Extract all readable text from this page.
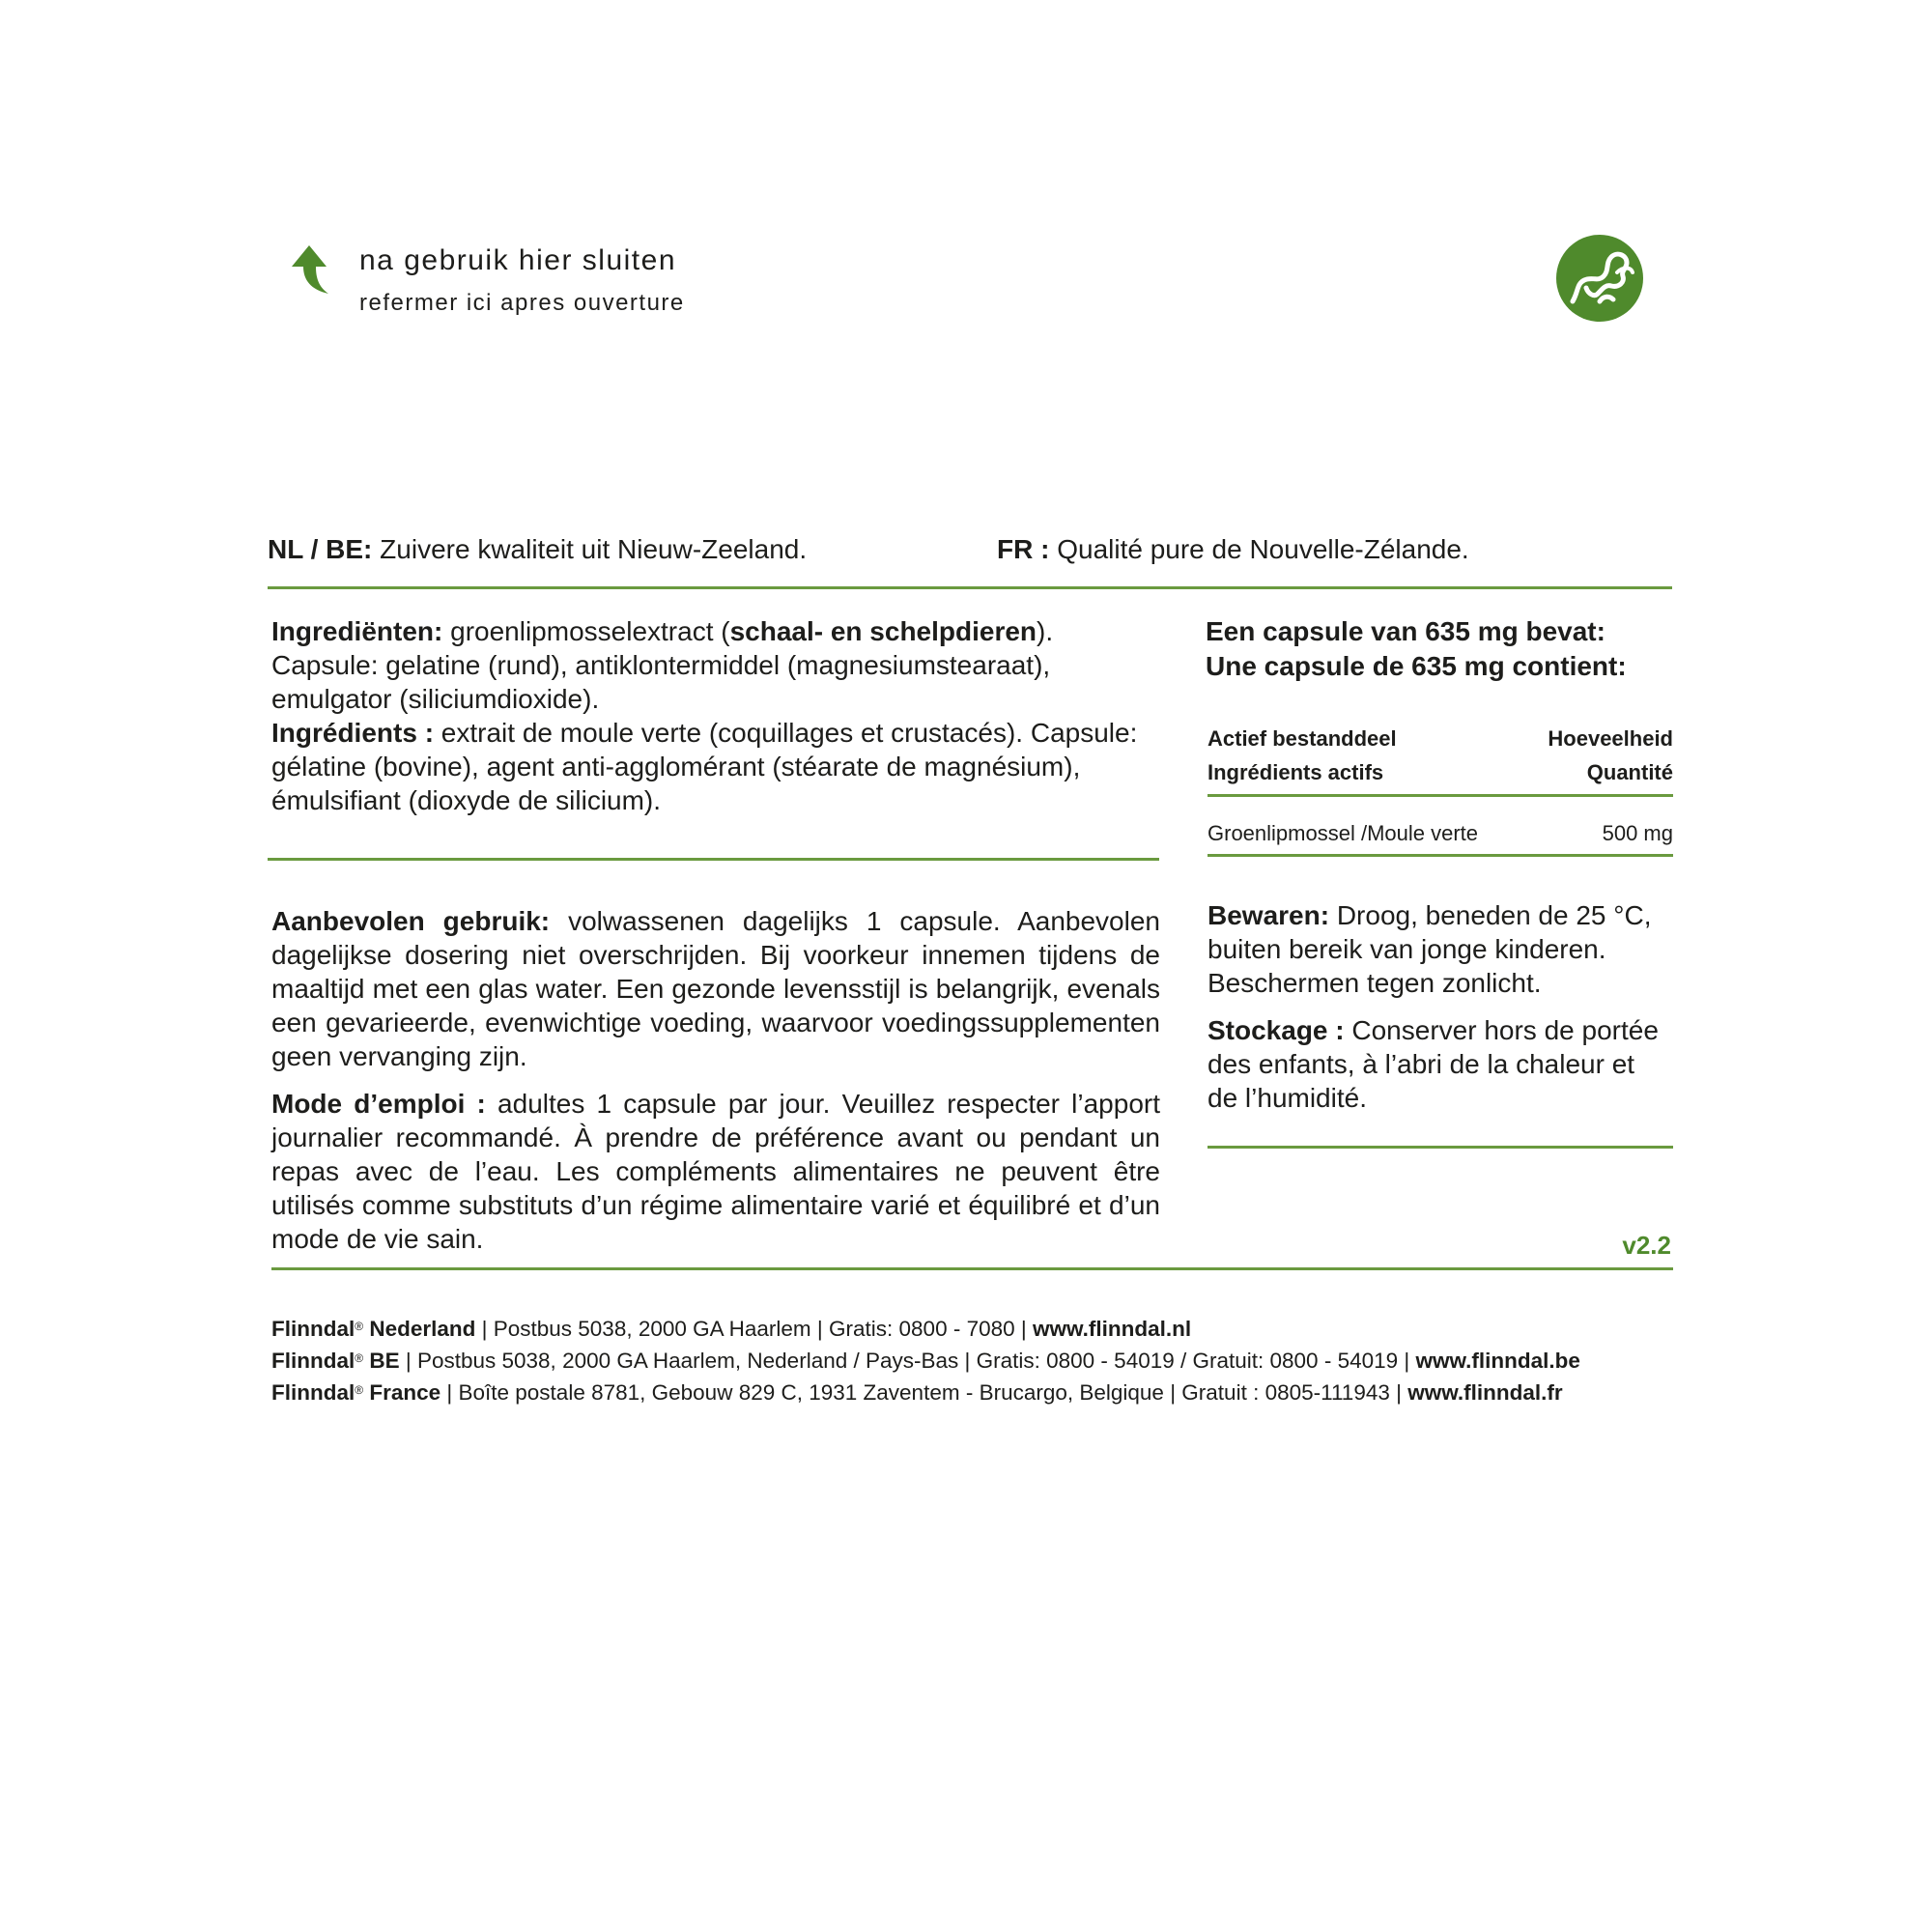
na gebruik hier sluiten
refermer ici apres ouverture
NL / BE: Zuivere kwaliteit uit Nieuw-Zeeland.	FR : Qualité pure de Nouvelle-Zélande.

Ingrediënten: groenlipmosselextract (schaal- en schelpdieren). Capsule: gelatine (rund), antiklontermiddel (magnesiumstearaat), emulgator (siliciumdioxide).

Ingrédients : extrait de moule verte (coquillages et crustacés). Capsule: gélatine (bovine), agent anti-agglomérant (stéarate de magnésium), émulsifiant (dioxyde de silicium).

Een capsule van 635 mg bevat:
Une capsule de 635 mg contient:
Actief bestanddeel	Hoeveelheid
Ingrédients actifs	Quantité
Groenlipmossel /Moule verte	500 mg

Aanbevolen gebruik: volwassenen dagelijks 1 capsule. Aanbevolen dagelijkse dosering niet overschrijden. Bij voorkeur innemen tijdens de maaltijd met een glas water. Een gezonde levensstijl is belangrijk, evenals een gevarieerde, evenwichtige voeding, waarvoor voedingssupplementen geen vervanging zijn.

Mode d’emploi : adultes 1 capsule par jour. Veuillez respecter l’apport journalier recommandé. À prendre de préférence avant ou pendant un repas avec de l’eau. Les compléments alimentaires ne peuvent être utilisés comme substituts d’un régime alimentaire varié et équilibré et d’un mode de vie sain.

Bewaren: Droog, beneden de 25 °C, buiten bereik van jonge kinderen. Beschermen tegen zonlicht.

Stockage : Conserver hors de portée des enfants, à l’abri de la chaleur et de l’humidité.

v2.2
Flinndal® Nederland | Postbus 5038, 2000 GA Haarlem | Gratis: 0800 - 7080 | www.flinndal.nl
Flinndal® BE | Postbus 5038, 2000 GA Haarlem, Nederland / Pays-Bas | Gratis: 0800 - 54019 / Gratuit: 0800 - 54019 | www.flinndal.be
Flinndal® France | Boîte postale 8781, Gebouw 829 C, 1931 Zaventem - Brucargo, Belgique | Gratuit : 0805-111943 | www.flinndal.fr
